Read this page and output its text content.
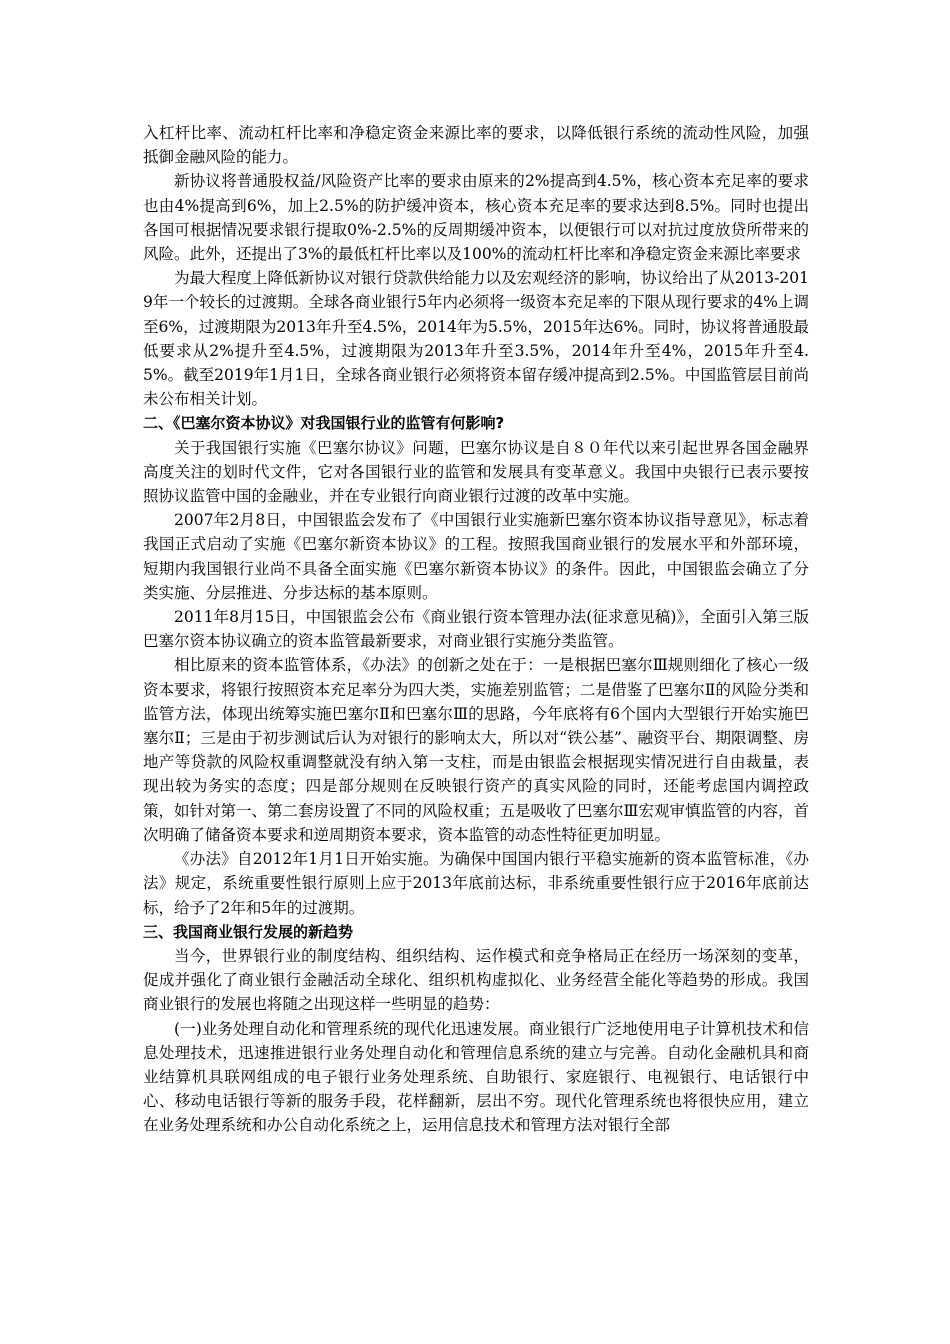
入杠杆比率、流动杠杆比率和净稳定资金来源比率的要求，以降低银行系统的流动性风险，加强抵御金融风险的能力。

新协议将普通股权益/风险资产比率的要求由原来的2%提高到4.5%，核心资本充足率的要求也由4%提高到6%，加上2.5%的防护缓冲资本，核心资本充足率的要求达到8.5%。同时也提出各国可根据情况要求银行提取0%-2.5%的反周期缓冲资本，以便银行可以对抗过度放贷所带来的风险。此外，还提出了3%的最低杠杆比率以及100%的流动杠杆比率和净稳定资金来源比率要求

为最大程度上降低新协议对银行贷款供给能力以及宏观经济的影响，协议给出了从2013-2019年一个较长的过渡期。全球各商业银行5年内必须将一级资本充足率的下限从现行要求的4%上调至6%，过渡期限为2013年升至4.5%，2014年为5.5%，2015年达6%。同时，协议将普通股最低要求从2%提升至4.5%，过渡期限为2013年升至3.5%，2014年升至4%，2015年升至4.5%。截至2019年1月1日，全球各商业银行必须将资本留存缓冲提高到2.5%。中国监管层目前尚未公布相关计划。

二、《巴塞尔资本协议》对我国银行业的监管有何影响?

关于我国银行实施《巴塞尔协议》问题，巴塞尔协议是自８０年代以来引起世界各国金融界高度关注的划时代文件，它对各国银行业的监管和发展具有变革意义。我国中央银行已表示要按照协议监管中国的金融业，并在专业银行向商业银行过渡的改革中实施。

2007年2月8日，中国银监会发布了《中国银行业实施新巴塞尔资本协议指导意见》，标志着我国正式启动了实施《巴塞尔新资本协议》的工程。按照我国商业银行的发展水平和外部环境，短期内我国银行业尚不具备全面实施《巴塞尔新资本协议》的条件。因此，中国银监会确立了分类实施、分层推进、分步达标的基本原则。

2011年8月15日，中国银监会公布《商业银行资本管理办法(征求意见稿)》，全面引入第三版巴塞尔资本协议确立的资本监管最新要求，对商业银行实施分类监管。

相比原来的资本监管体系，《办法》的创新之处在于：一是根据巴塞尔Ⅲ规则细化了核心一级资本要求，将银行按照资本充足率分为四大类，实施差别监管；二是借鉴了巴塞尔Ⅱ的风险分类和监管方法，体现出统筹实施巴塞尔Ⅱ和巴塞尔Ⅲ的思路，今年底将有6个国内大型银行开始实施巴塞尔Ⅱ；三是由于初步测试后认为对银行的影响太大，所以对“铁公基”、融资平台、期限调整、房地产等贷款的风险权重调整就没有纳入第一支柱，而是由银监会根据现实情况进行自由裁量，表现出较为务实的态度；四是部分规则在反映银行资产的真实风险的同时，还能考虑国内调控政策，如针对第一、第二套房设置了不同的风险权重；五是吸收了巴塞尔Ⅲ宏观审慎监管的内容，首次明确了储备资本要求和逆周期资本要求，资本监管的动态性特征更加明显。

《办法》自2012年1月1日开始实施。为确保中国国内银行平稳实施新的资本监管标准，《办法》规定，系统重要性银行原则上应于2013年底前达标，非系统重要性银行应于2016年底前达标，给予了2年和5年的过渡期。

三、我国商业银行发展的新趋势

当今，世界银行业的制度结构、组织结构、运作模式和竞争格局正在经历一场深刻的变革，促成并强化了商业银行金融活动全球化、组织机构虚拟化、业务经营全能化等趋势的形成。我国商业银行的发展也将随之出现这样一些明显的趋势：

(一)业务处理自动化和管理系统的现代化迅速发展。商业银行广泛地使用电子计算机技术和信息处理技术，迅速推进银行业务处理自动化和管理信息系统的建立与完善。自动化金融机具和商业结算机具联网组成的电子银行业务处理系统、自助银行、家庭银行、电视银行、电话银行中心、移动电话银行等新的服务手段，花样翻新，层出不穷。现代化管理系统也将很快应用，建立在业务处理系统和办公自动化系统之上，运用信息技术和管理方法对银行全部
